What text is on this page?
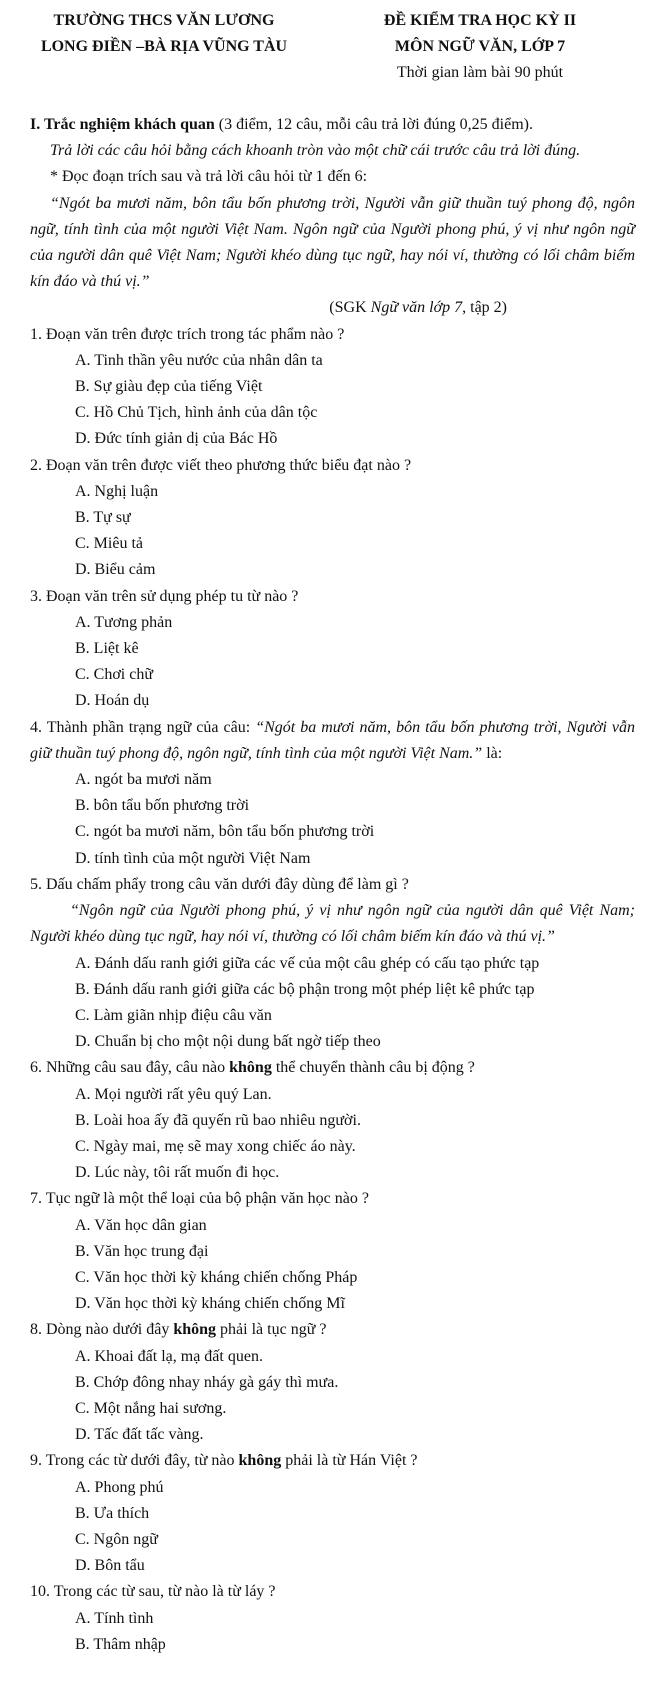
TRƯỜNG THCS VĂN LƯƠNG
LONG ĐIỀN –BÀ RỊA VŨNG TÀU
ĐỀ KIỂM TRA HỌC KỲ II
MÔN NGỮ VĂN, LỚP 7
Thời gian làm bài 90 phút

I. Trắc nghiệm khách quan (3 điểm, 12 câu, mỗi câu trả lời đúng 0,25 điểm).

Trả lời các câu hỏi bằng cách khoanh tròn vào một chữ cái trước câu trả lời đúng.

* Đọc đoạn trích sau và trả lời câu hỏi từ 1 đến 6:

“Ngót ba mươi năm, bôn tẩu bốn phương trời, Người vẫn giữ thuần tuý phong độ, ngôn ngữ, tính tình của một người Việt Nam. Ngôn ngữ của Người phong phú, ý vị như ngôn ngữ của người dân quê Việt Nam; Người khéo dùng tục ngữ, hay nói ví, thường có lối châm biếm kín đáo và thú vị.”

(SGK Ngữ văn lớp 7, tập 2)

1. Đoạn văn trên được trích trong tác phẩm nào ?

A. Tinh thần yêu nước của nhân dân ta
B. Sự giàu đẹp của tiếng Việt
C. Hồ Chủ Tịch, hình ảnh của dân tộc
D. Đức tính giản dị của Bác Hồ

2. Đoạn văn trên được viết theo phương thức biểu đạt nào ?

A. Nghị luận
B. Tự sự
C. Miêu tả
D. Biểu cảm

3. Đoạn văn trên sử dụng phép tu từ nào ?

A. Tương phản
B. Liệt kê
C. Chơi chữ
D. Hoán dụ

4. Thành phần trạng ngữ của câu: “Ngót ba mươi năm, bôn tẩu bốn phương trời, Người vẫn giữ thuần tuý phong độ, ngôn ngữ, tính tình của một người Việt Nam.” là:

A. ngót ba mươi năm
B. bôn tẩu bốn phương trời
C. ngót ba mươi năm, bôn tẩu bốn phương trời
D. tính tình của một người Việt Nam

5. Dấu chấm phẩy trong câu văn dưới đây dùng để làm gì ?

“Ngôn ngữ của Người phong phú, ý vị như ngôn ngữ của người dân quê Việt Nam; Người khéo dùng tục ngữ, hay nói ví, thường có lối châm biếm kín đáo và thú vị.”

A. Đánh dấu ranh giới giữa các vế của một câu ghép có cấu tạo phức tạp
B. Đánh dấu ranh giới giữa các bộ phận trong một phép liệt kê phức tạp
C. Làm giãn nhịp điệu câu văn
D. Chuẩn bị cho một nội dung bất ngờ tiếp theo

6. Những câu sau đây, câu nào không thể chuyển thành câu bị động ?

A. Mọi người rất yêu quý Lan.
B. Loài hoa ấy đã quyến rũ bao nhiêu người.
C. Ngày mai, mẹ sẽ may xong chiếc áo này.
D. Lúc này, tôi rất muốn đi học.

7. Tục ngữ là một thể loại của bộ phận văn học nào ?

A. Văn học dân gian
B. Văn học trung đại
C. Văn học thời kỳ kháng chiến chống Pháp
D. Văn học thời kỳ kháng chiến chống Mĩ

8. Dòng nào dưới đây không phải là tục ngữ ?

A. Khoai đất lạ, mạ đất quen.
B. Chớp đông nhay nháy gà gáy thì mưa.
C. Một nắng hai sương.
D. Tấc đất tấc vàng.

9. Trong các từ dưới đây, từ nào không phải là từ Hán Việt ?

A. Phong phú
B. Ưa thích
C. Ngôn ngữ
D. Bôn tẩu

10. Trong các từ sau, từ nào là từ láy ?

A. Tính tình
B. Thâm nhập
